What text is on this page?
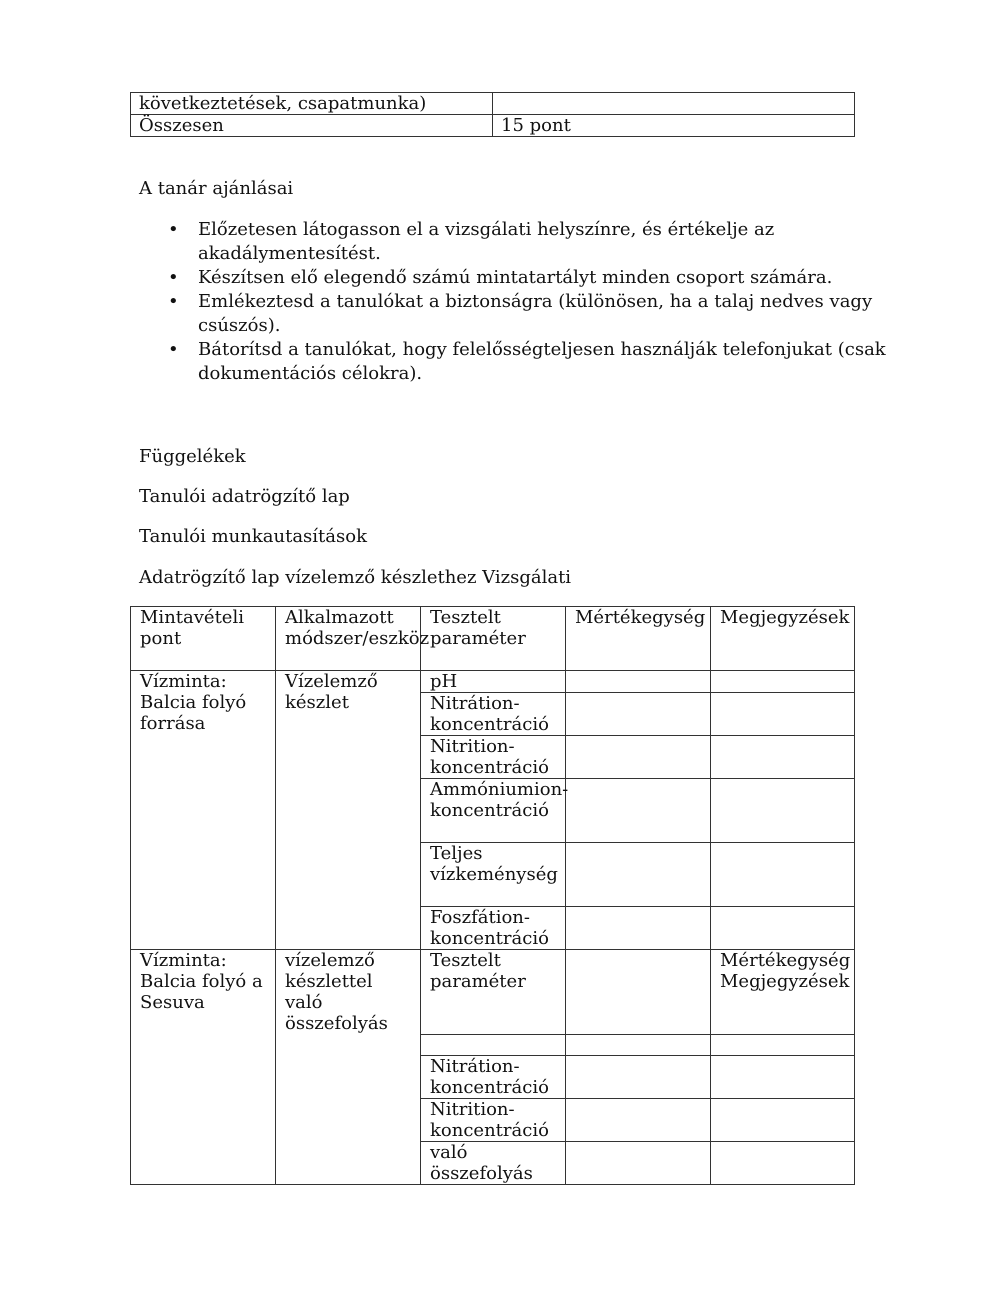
következtetések, csapatmunka)	
Összesen	15 pont
A tanár ajánlásai
• Előzetesen látogasson el a vizsgálati helyszínre, és értékelje az akadálymentesítést.
• Készítsen elő elegendő számú mintatartályt minden csoport számára.
• Emlékeztesd a tanulókat a biztonságra (különösen, ha a talaj nedves vagy csúszós).
• Bátorítsd a tanulókat, hogy felelősségteljesen használják telefonjukat (csak dokumentációs célokra).
Függelékek
Tanulói adatrögzítő lap
Tanulói munkautasítások
Adatrögzítő lap vízelemző készlethez Vizsgálati
Mintavételi pont	Alkalmazott módszer/eszköz	Tesztelt paraméter	Mértékegység	Megjegyzések
Vízminta: Balcia folyó forrása	Vízelemző készlet	pH		
		Nitrátion-koncentráció		
		Nitrition-koncentráció		
		Ammóniumion-koncentráció		
		Teljes vízkeménység		
		Foszfátion-koncentráció		
Vízminta: Balcia folyó a Sesuva	vízelemző készlettel való összefolyás	Tesztelt paraméter		Mértékegység Megjegyzések

		Nitrátion-koncentráció		
		Nitrition-koncentráció		
		való összefolyás		
